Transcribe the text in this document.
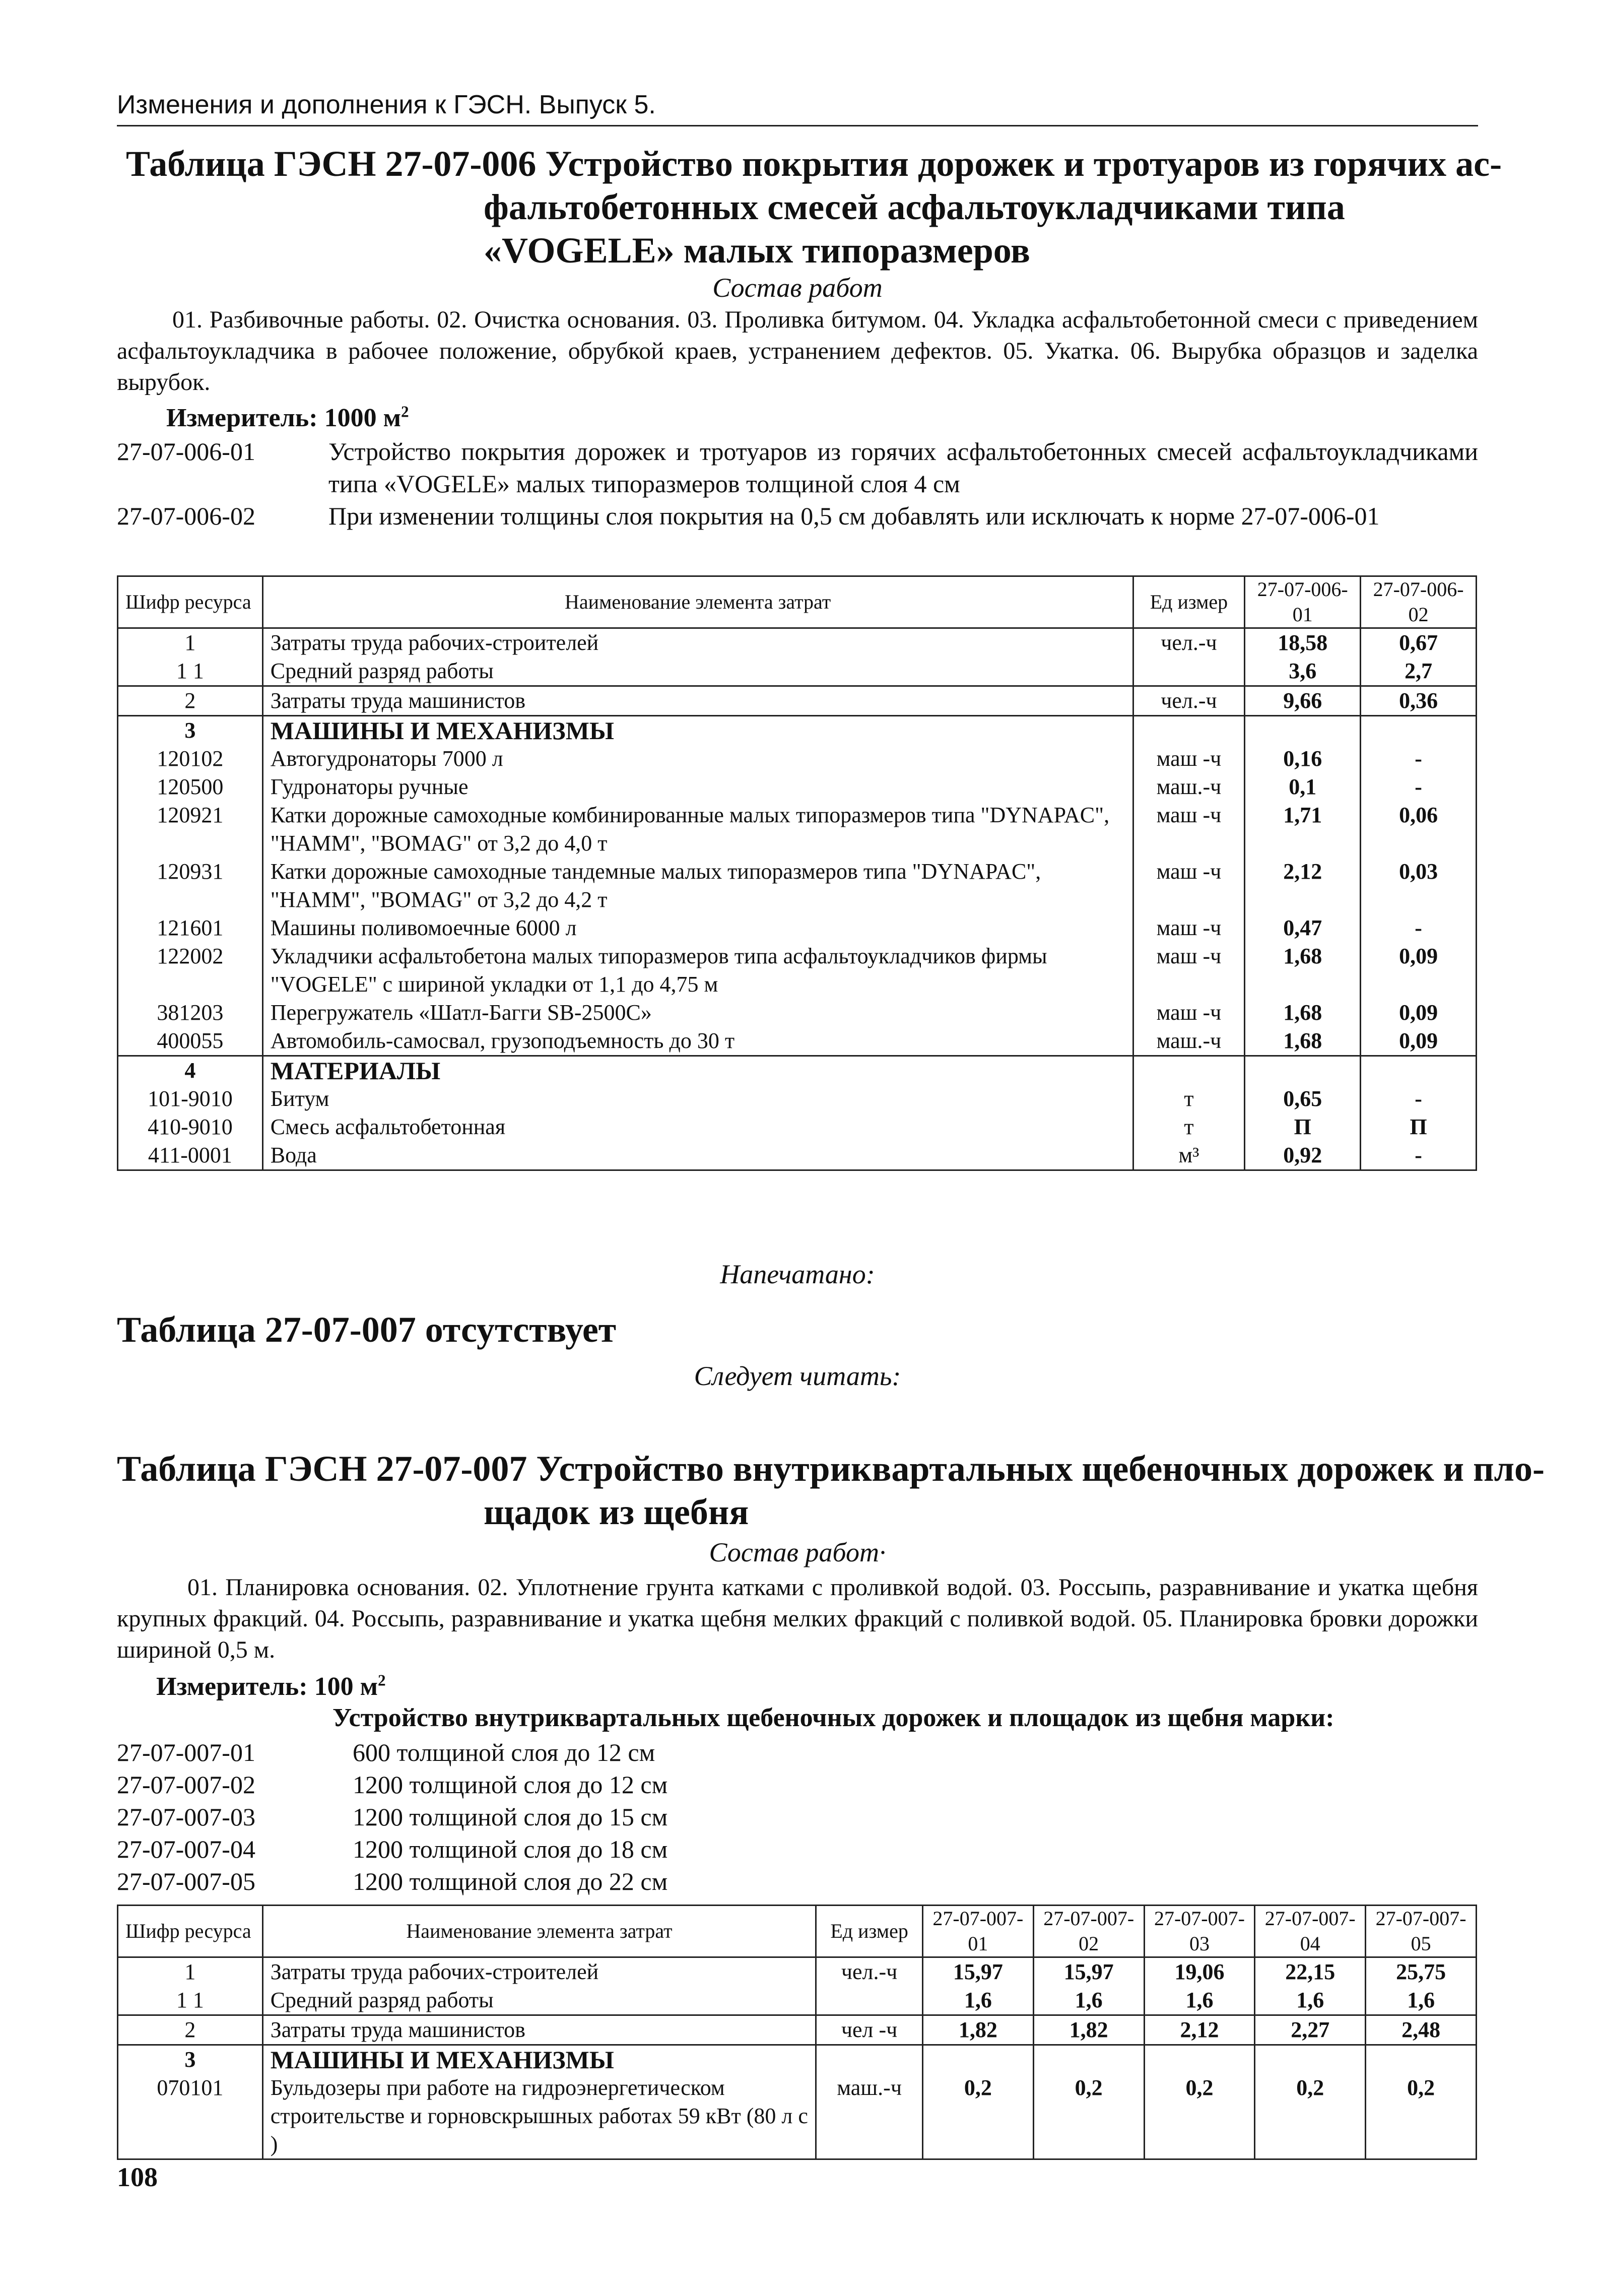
Изменения и дополнения к ГЭСН. Выпуск 5.
Таблица ГЭСН 27-07-006 Устройство покрытия дорожек и тротуаров из горячих ас-
фальтобетонных смесей асфальтоукладчиками типа
«VOGELE» малых типоразмеров
Состав работ
01. Разбивочные работы. 02. Очистка основания. 03. Проливка битумом. 04. Укладка асфальтобетонной смеси с приведением асфальтоукладчика в рабочее положение, обрубкой краев, устранением дефектов. 05. Укатка. 06. Вырубка образцов и заделка вырубок.
Измеритель: 1000 $м^2$
27-07-006-01	Устройство покрытия дорожек и тротуаров из горячих асфальтобетонных смесей асфальтоукладчиками типа «VOGELE» малых типоразмеров толщиной слоя 4 см
27-07-006-02	При изменении толщины слоя покрытия на 0,5 см добавлять или исключать к норме 27-07-006-01
Шифр ресурса	Наименование элемента затрат	Ед измер	27-07-006-01	27-07-006-02
1	Затраты труда рабочих-строителей	чел.-ч	18,58	0,67
1 1	Средний разряд работы		3,6	2,7
2	Затраты труда машинистов	чел.-ч	9,66	0,36
3	МАШИНЫ И МЕХАНИЗМЫ			
120102	Автогудронаторы 7000 л	маш -ч	0,16	-
120500	Гудронаторы ручные	маш.-ч	0,1	-
120921	Катки дорожные самоходные комбинированные малых типоразмеров типа "DYNAPAC", "HAMM", "BOMAG" от 3,2 до 4,0 т	маш -ч	1,71	0,06
120931	Катки дорожные самоходные тандемные малых типоразмеров типа "DYNAPAC", "HAMM", "BOMAG" от 3,2 до 4,2 т	маш -ч	2,12	0,03
121601	Машины поливомоечные 6000 л	маш -ч	0,47	-
122002	Укладчики асфальтобетона малых типоразмеров типа асфальтоукладчиков фирмы "VOGELE" с шириной укладки от 1,1 до 4,75 м	маш -ч	1,68	0,09
381203	Перегружатель «Шатл-Багги SB-2500C»	маш -ч	1,68	0,09
400055	Автомобиль-самосвал, грузоподъемность до 30 т	маш.-ч	1,68	0,09
4	МАТЕРИАЛЫ			
101-9010	Битум	т	0,65	-
410-9010	Смесь асфальтобетонная	т	П	П
411-0001	Вода	м³	0,92	-
Напечатано:
Таблица 27-07-007 отсутствует
Следует читать:
Таблица ГЭСН 27-07-007 Устройство внутриквартальных щебеночных дорожек и пло-
щадок из щебня
Состав работ·
01. Планировка основания. 02. Уплотнение грунта катками с проливкой водой. 03. Россыпь, разравнивание и укатка щебня крупных фракций. 04. Россыпь, разравнивание и укатка щебня мелких фракций с поливкой водой. 05. Планировка бровки дорожки шириной 0,5 м.
Измеритель: 100 $м^2$
Устройство внутриквартальных щебеночных дорожек и площадок из щебня марки:
27-07-007-01	600 толщиной слоя до 12 см
27-07-007-02	1200 толщиной слоя до 12 см
27-07-007-03	1200 толщиной слоя до 15 см
27-07-007-04	1200 толщиной слоя до 18 см
27-07-007-05	1200 толщиной слоя до 22 см
Шифр ресурса	Наименование элемента затрат	Ед измер	27-07-007-01	27-07-007-02	27-07-007-03	27-07-007-04	27-07-007-05
1	Затраты труда рабочих-строителей	чел.-ч	15,97	15,97	19,06	22,15	25,75
1 1	Средний разряд работы		1,6	1,6	1,6	1,6	1,6
2	Затраты труда машинистов	чел -ч	1,82	1,82	2,12	2,27	2,48
3	МАШИНЫ И МЕХАНИЗМЫ						
070101	Бульдозеры при работе на гидроэнергетическом строительстве и горновскрышных работах 59 кВт (80 л с )	маш.-ч	0,2	0,2	0,2	0,2	0,2
108
